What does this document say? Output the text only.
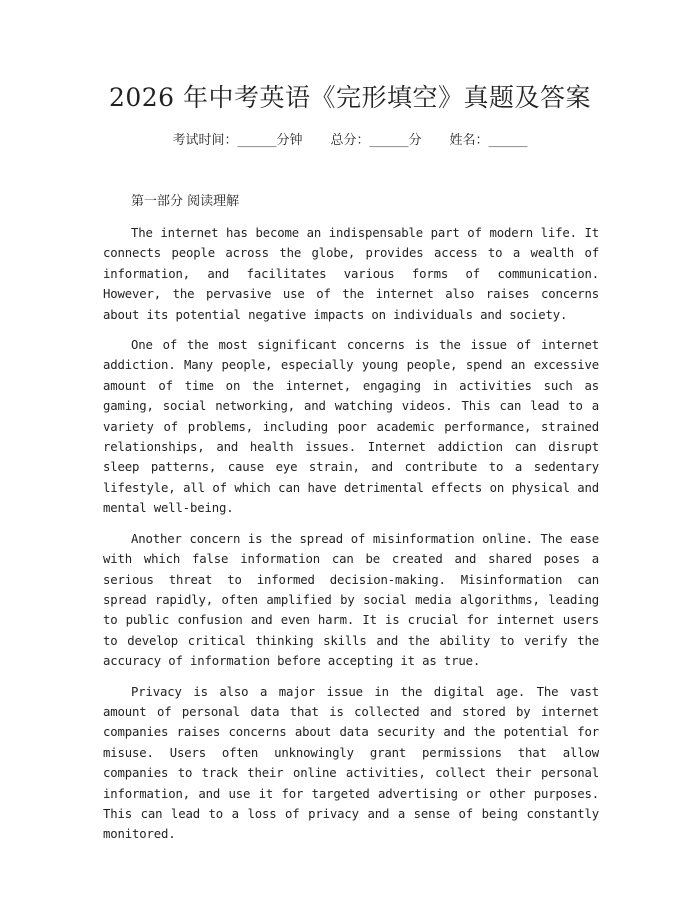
2026 年中考英语《完形填空》真题及答案
考试时间：______分钟 总分：______分 姓名：______
第一部分 阅读理解

The internet has become an indispensable part of modern life. It connects people across the globe, provides access to a wealth of information, and facilitates various forms of communication. However, the pervasive use of the internet also raises concerns about its potential negative impacts on individuals and society.

One of the most significant concerns is the issue of internet addiction. Many people, especially young people, spend an excessive amount of time on the internet, engaging in activities such as gaming, social networking, and watching videos. This can lead to a variety of problems, including poor academic performance, strained relationships, and health issues. Internet addiction can disrupt sleep patterns, cause eye strain, and contribute to a sedentary lifestyle, all of which can have detrimental effects on physical and mental well-being.

Another concern is the spread of misinformation online. The ease with which false information can be created and shared poses a serious threat to informed decision-making. Misinformation can spread rapidly, often amplified by social media algorithms, leading to public confusion and even harm. It is crucial for internet users to develop critical thinking skills and the ability to verify the accuracy of information before accepting it as true.

Privacy is also a major issue in the digital age. The vast amount of personal data that is collected and stored by internet companies raises concerns about data security and the potential for misuse. Users often unknowingly grant permissions that allow companies to track their online activities, collect their personal information, and use it for targeted advertising or other purposes. This can lead to a loss of privacy and a sense of being constantly monitored.
